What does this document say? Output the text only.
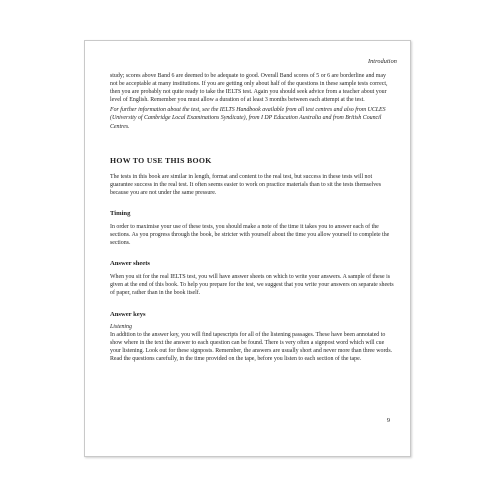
Introdution

study; scores above Band 6 are deemed to be adequate to good. Overall Band scores of 5 or 6 are borderline and may not be acceptable at many institutions. If you are getting only about half of the questions in these sample tests correct, then you are probably not quite ready to take the IELTS test. Again you should seek advice from a teacher about your level of English. Remember you must allow a duration of at least 3 months between each attempt at the test.

For further information about the test, see the IELTS Handbook available from all test centres and also from UCLES (University of Cambridge Local Examinations Syndicate), from I DP Education Australia and from British Council Centres.

HOW TO USE THIS BOOK

The tests in this book are similar in length, format and content to the real test, but success in these tests will not guarantee success in the real test. It often seems easier to work on practice materials than to sit the tests themselves because you are not under the same pressure.

Timing

In order to maximise your use of these tests, you should make a note of the time it takes you to answer each of the sections. As you progress through the book, be stricter with yourself about the time you allow yourself to complete the sections.

Answer sheets

When you sit for the real IELTS test, you will have answer sheets on which to write your answers. A sample of these is given at the end of this book. To help you prepare for the test, we suggest that you write your answers on separate sheets of paper, rather than in the book itself.

Answer keys
Listening

In addition to the answer key, you will find tapescripts for all of the listening passages. These have been annotated to show where in the text the answer to each question can be found. There is very often a signpost word which will cue your listening. Look out for these signposts. Remember, the answers are usually short and never more than three words. Read the questions carefully, in the time provided on the tape, before you listen to each section of the tape.

9
